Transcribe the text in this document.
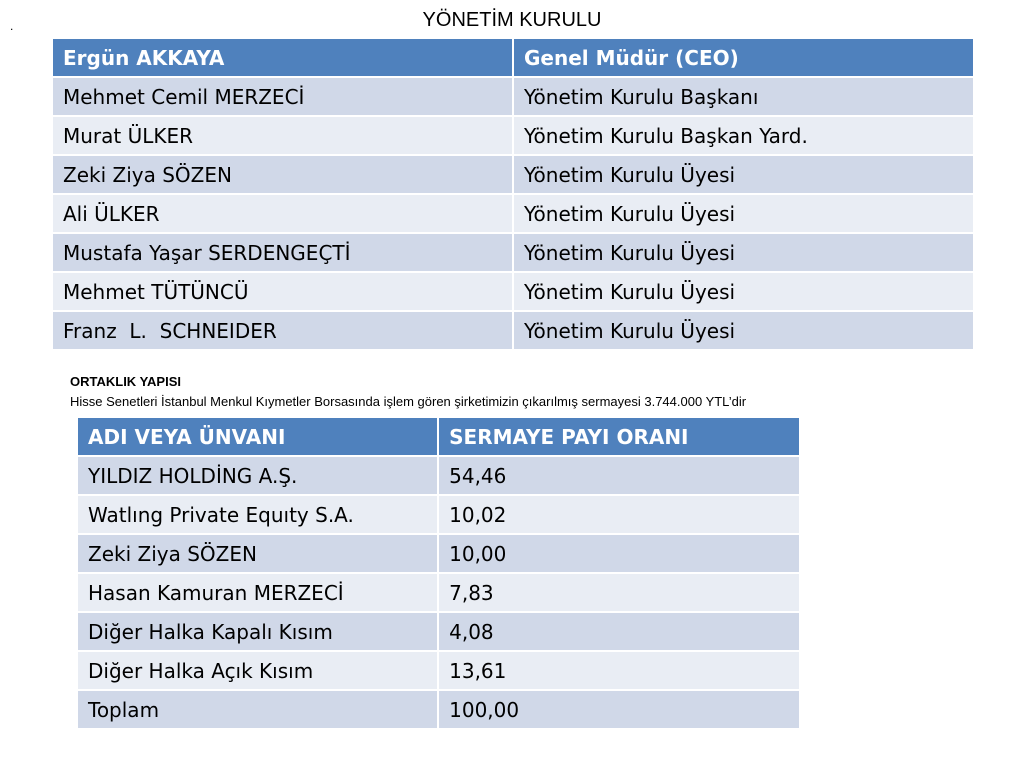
.	YÖNETİM KURULU
Ergün AKKAYA	Genel Müdür (CEO)
Mehmet Cemil MERZECİ	Yönetim Kurulu Başkanı
Murat ÜLKER	Yönetim Kurulu Başkan Yard.
Zeki Ziya SÖZEN	Yönetim Kurulu Üyesi
Ali ÜLKER	Yönetim Kurulu Üyesi
Mustafa Yaşar SERDENGEÇTİ	Yönetim Kurulu Üyesi
Mehmet TÜTÜNCÜ	Yönetim Kurulu Üyesi
Franz  L.  SCHNEIDER	Yönetim Kurulu Üyesi
ORTAKLIK YAPISI
Hisse Senetleri İstanbul Menkul Kıymetler Borsasında işlem gören şirketimizin çıkarılmış sermayesi 3.744.000 YTL’dir
ADI VEYA ÜNVANI	SERMAYE PAYI ORANI
YILDIZ HOLDİNG A.Ş.	54,46
Watlıng Private Equıty S.A.	10,02
Zeki Ziya SÖZEN	10,00
Hasan Kamuran MERZECİ	7,83
Diğer Halka Kapalı Kısım	4,08
Diğer Halka Açık Kısım	13,61
Toplam	100,00
